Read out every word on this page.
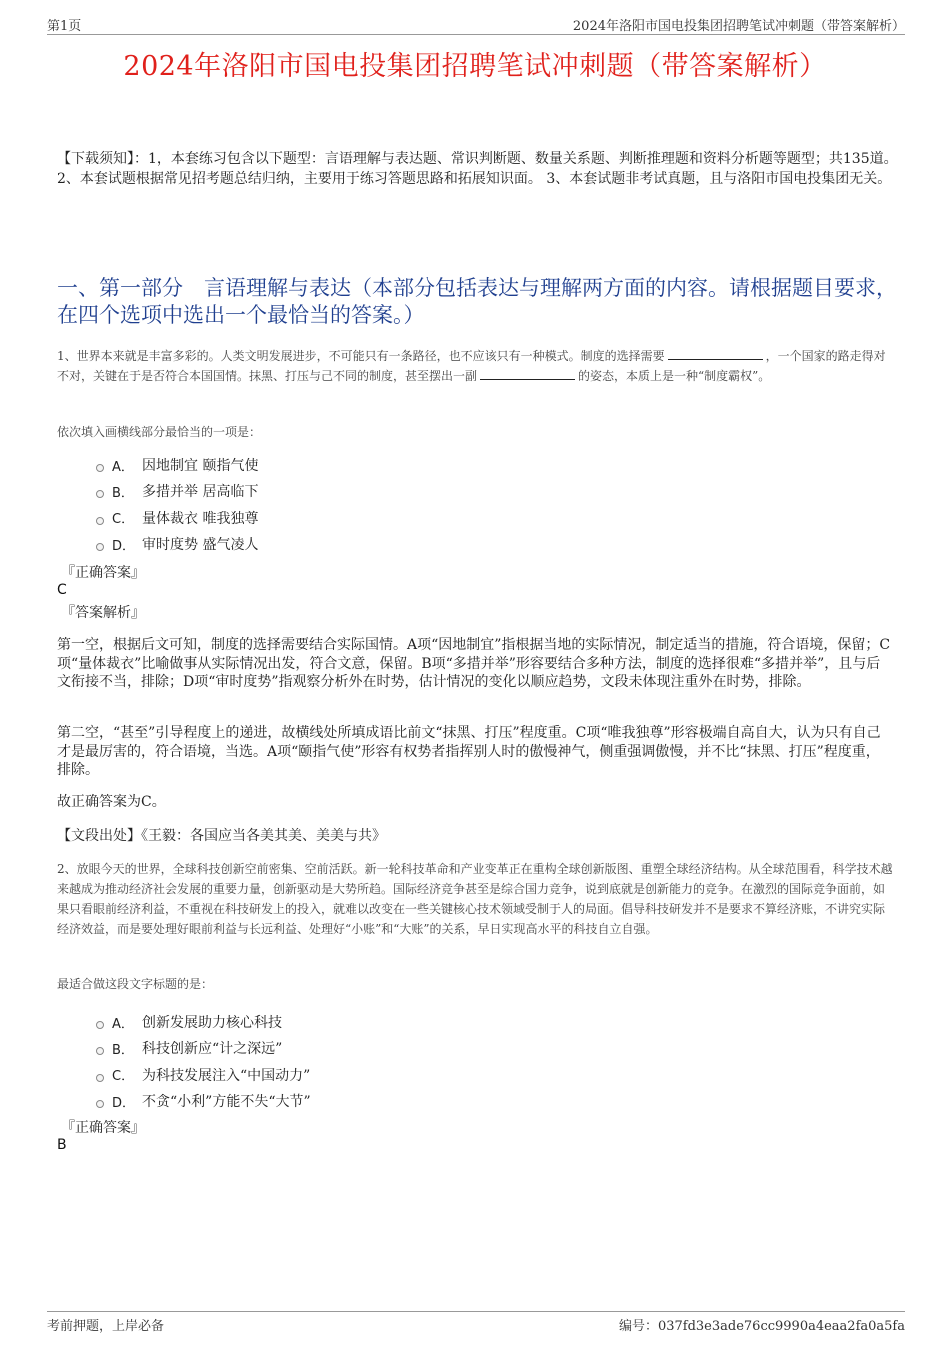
第1页	2024年洛阳市国电投集团招聘笔试冲刺题（带答案解析）
2024年洛阳市国电投集团招聘笔试冲刺题（带答案解析）
【下载须知】：1，本套练习包含以下题型：言语理解与表达题、常识判断题、数量关系题、判断推理题和资料分析题等题型；共135道。 2、本套试题根据常见招考题总结归纳，主要用于练习答题思路和拓展知识面。 3、本套试题非考试真题，且与洛阳市国电投集团无关。
一、第一部分　言语理解与表达（本部分包括表达与理解两方面的内容。请根据题目要求，在四个选项中选出一个最恰当的答案。）
1、世界本来就是丰富多彩的。人类文明发展进步，不可能只有一条路径，也不应该只有一种模式。制度的选择需要	，一个国家的路走得对不对，关键在于是否符合本国国情。抹黑、打压与己不同的制度，甚至摆出一副	的姿态，本质上是一种“制度霸权”。
依次填入画横线部分最恰当的一项是：
A． 因地制宜 颐指气使
B． 多措并举 居高临下
C． 量体裁衣 唯我独尊
D． 审时度势 盛气凌人
『正确答案』
C
『答案解析』
第一空，根据后文可知，制度的选择需要结合实际国情。A项“因地制宜”指根据当地的实际情况，制定适当的措施，符合语境，保留；C项“量体裁衣”比喻做事从实际情况出发，符合文意，保留。B项“多措并举”形容要结合多种方法，制度的选择很难“多措并举”，且与后文衔接不当，排除；D项“审时度势”指观察分析外在时势，估计情况的变化以顺应趋势，文段未体现注重外在时势，排除。
第二空，“甚至”引导程度上的递进，故横线处所填成语比前文“抹黑、打压”程度重。C项“唯我独尊”形容极端自高自大，认为只有自己才是最厉害的，符合语境，当选。A项“颐指气使”形容有权势者指挥别人时的傲慢神气，侧重强调傲慢，并不比“抹黑、打压”程度重，排除。
故正确答案为C。
【文段出处】《王毅：各国应当各美其美、美美与共》
2、放眼今天的世界，全球科技创新空前密集、空前活跃。新一轮科技革命和产业变革正在重构全球创新版图、重塑全球经济结构。从全球范围看，科学技术越来越成为推动经济社会发展的重要力量，创新驱动是大势所趋。国际经济竞争甚至是综合国力竞争，说到底就是创新能力的竞争。在激烈的国际竞争面前，如果只看眼前经济利益，不重视在科技研发上的投入，就难以改变在一些关键核心技术领域受制于人的局面。倡导科技研发并不是要求不算经济账，不讲究实际经济效益，而是要处理好眼前利益与长远利益、处理好“小账”和“大账”的关系，早日实现高水平的科技自立自强。
最适合做这段文字标题的是：
A． 创新发展助力核心科技
B． 科技创新应“计之深远”
C． 为科技发展注入“中国动力”
D． 不贪“小利”方能不失“大节”
『正确答案』
B
考前押题，上岸必备	编号：037fd3e3ade76cc9990a4eaa2fa0a5fa
